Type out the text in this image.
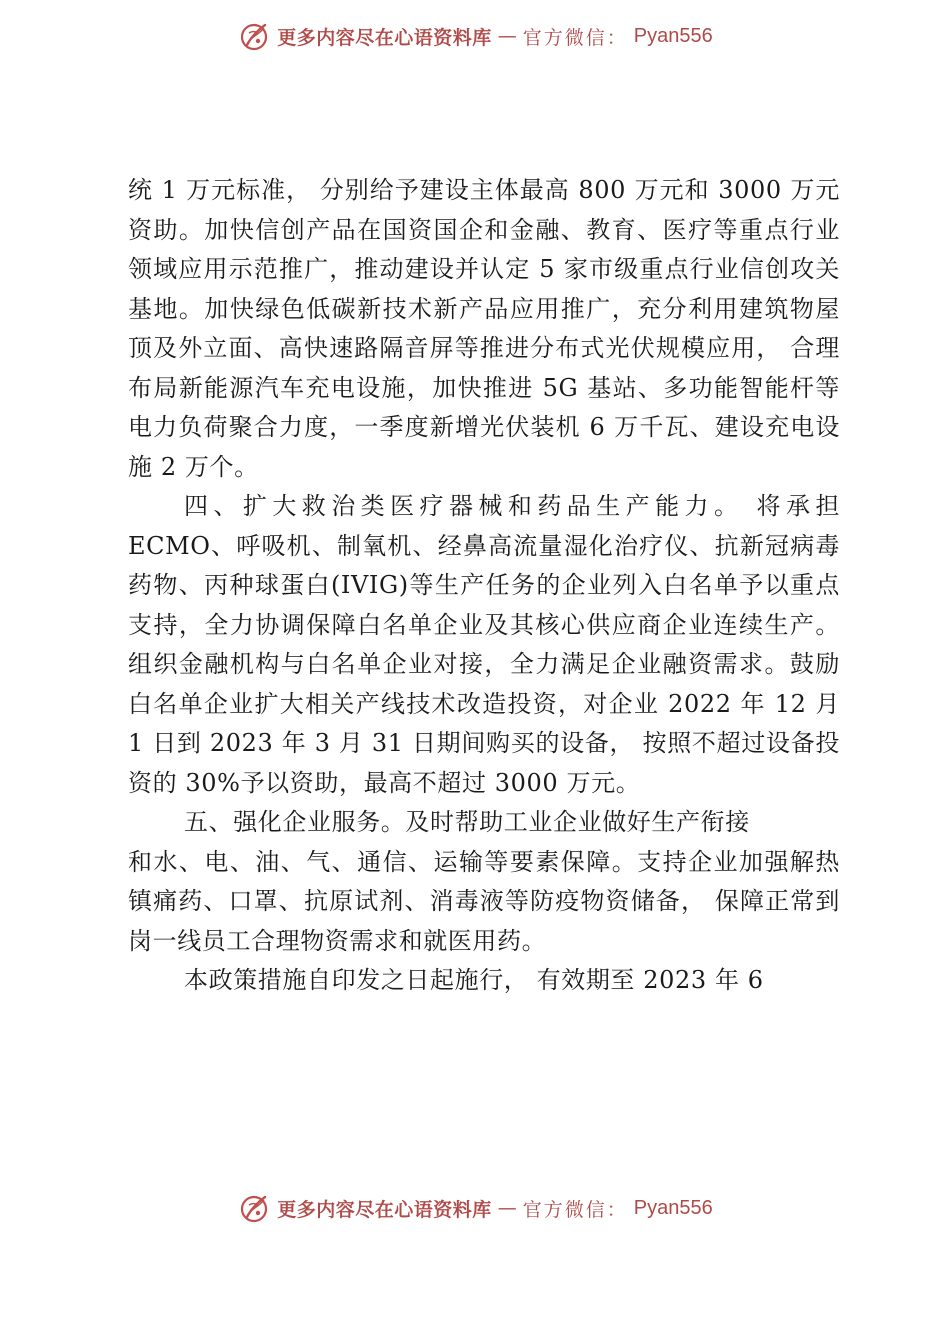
更多内容尽在心语资料库 — 官方微信： Pyan556

统 1 万元标准， 分别给予建设主体最高 800 万元和 3000 万元资助。加快信创产品在国资国企和金融、教育、医疗等重点行业领域应用示范推广，推动建设并认定 5 家市级重点行业信创攻关基地。加快绿色低碳新技术新产品应用推广，充分利用建筑物屋顶及外立面、高快速路隔音屏等推进分布式光伏规模应用， 合理布局新能源汽车充电设施，加快推进 5G 基站、多功能智能杆等电力负荷聚合力度，一季度新增光伏装机 6 万千瓦、建设充电设施 2 万个。

四、扩大救治类医疗器械和药品生产能力。 将承担 ECMO、呼吸机、制氧机、经鼻高流量湿化治疗仪、抗新冠病毒药物、丙种球蛋白(IVIG)等生产任务的企业列入白名单予以重点支持，全力协调保障白名单企业及其核心供应商企业连续生产。组织金融机构与白名单企业对接，全力满足企业融资需求。鼓励白名单企业扩大相关产线技术改造投资，对企业 2022 年 12 月 1 日到 2023 年 3 月 31 日期间购买的设备， 按照不超过设备投资的 30%予以资助，最高不超过 3000 万元。

五、强化企业服务。及时帮助工业企业做好生产衔接

和水、电、油、气、通信、运输等要素保障。支持企业加强解热镇痛药、口罩、抗原试剂、消毒液等防疫物资储备， 保障正常到岗一线员工合理物资需求和就医用药。

本政策措施自印发之日起施行， 有效期至 2023 年 6

更多内容尽在心语资料库 — 官方微信： Pyan556
